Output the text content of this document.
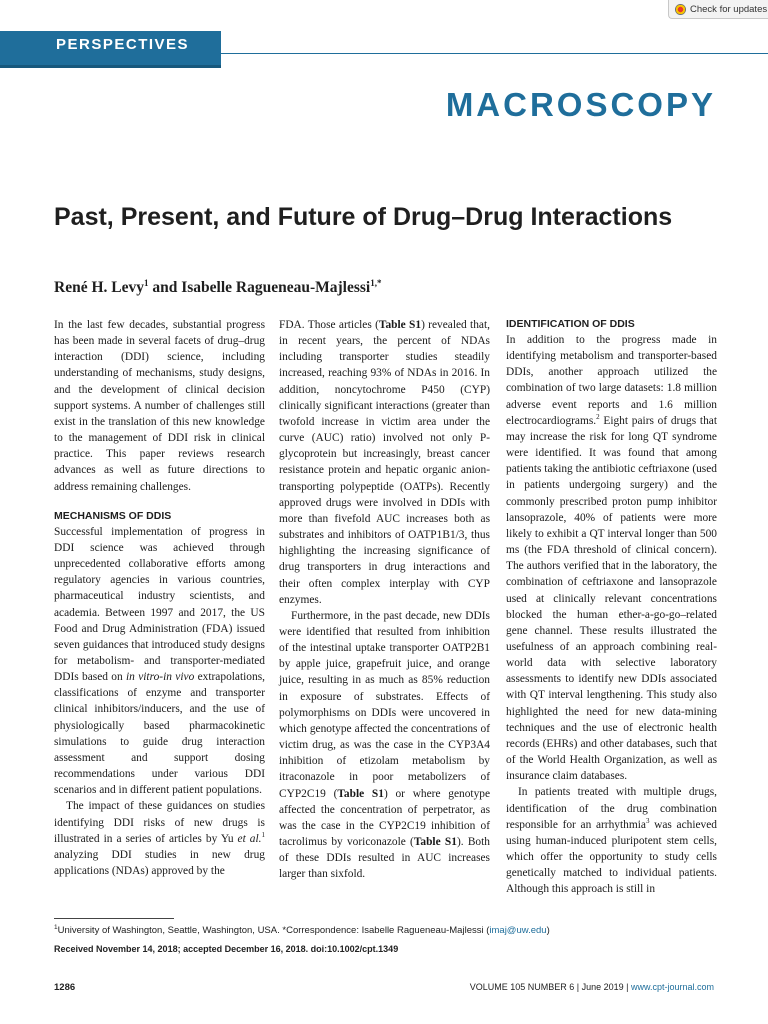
Check for updates
PERSPECTIVES
MACROSCOPY
Past, Present, and Future of Drug–Drug Interactions
René H. Levy$^1$ and Isabelle Ragueneau-Majlessi$^{1,*}$

In the last few decades, substantial progress has been made in several facets of drug–drug interaction (DDI) science, including understanding of mechanisms, study designs, and the development of clinical decision support systems. A number of challenges still exist in the translation of this new knowledge to the management of DDI risk in clinical practice. This paper reviews research advances as well as future directions to address remaining challenges.

MECHANISMS OF DDIS

Successful implementation of progress in DDI science was achieved through unprecedented collaborative efforts among regulatory agencies in various countries, pharmaceutical industry scientists, and academia. Between 1997 and 2017, the US Food and Drug Administration (FDA) issued seven guidances that introduced study designs for metabolism- and transporter-mediated DDIs based on in vitro-in vivo extrapolations, classifications of enzyme and transporter clinical inhibitors/inducers, and the use of physiologically based pharmacokinetic simulations to guide drug interaction assessment and support dosing recommendations under various DDI scenarios and in different patient populations.

The impact of these guidances on studies identifying DDI risks of new drugs is illustrated in a series of articles by Yu et al.$^1$ analyzing DDI studies in new drug applications (NDAs) approved by the

FDA. Those articles (Table S1) revealed that, in recent years, the percent of NDAs including transporter studies steadily increased, reaching 93% of NDAs in 2016. In addition, noncytochrome P450 (CYP) clinically significant interactions (greater than twofold increase in victim area under the curve (AUC) ratio) involved not only P-glycoprotein but increasingly, breast cancer resistance protein and hepatic organic anion-transporting polypeptide (OATPs). Recently approved drugs were involved in DDIs with more than fivefold AUC increases both as substrates and inhibitors of OATP1B1/3, thus highlighting the increasing significance of drug transporters in drug interactions and their often complex interplay with CYP enzymes.

Furthermore, in the past decade, new DDIs were identified that resulted from inhibition of the intestinal uptake transporter OATP2B1 by apple juice, grapefruit juice, and orange juice, resulting in as much as 85% reduction in exposure of substrates. Effects of polymorphisms on DDIs were uncovered in which genotype affected the concentrations of victim drug, as was the case in the CYP3A4 inhibition of etizolam metabolism by itraconazole in poor metabolizers of CYP2C19 (Table S1) or where genotype affected the concentration of perpetrator, as was the case in the CYP2C19 inhibition of tacrolimus by voriconazole (Table S1). Both of these DDIs resulted in AUC increases larger than sixfold.

IDENTIFICATION OF DDIS

In addition to the progress made in identifying metabolism and transporter-based DDIs, another approach utilized the combination of two large datasets: 1.8 million adverse event reports and 1.6 million electrocardiograms.$^2$ Eight pairs of drugs that may increase the risk for long QT syndrome were identified. It was found that among patients taking the antibiotic ceftriaxone (used in patients undergoing surgery) and the commonly prescribed proton pump inhibitor lansoprazole, 40% of patients were more likely to exhibit a QT interval longer than 500 ms (the FDA threshold of clinical concern). The authors verified that in the laboratory, the combination of ceftriaxone and lansoprazole used at clinically relevant concentrations blocked the human ether-a-go-go–related gene channel. These results illustrated the usefulness of an approach combining real-world data with selective laboratory assessments to identify new DDIs associated with QT interval lengthening. This study also highlighted the need for new data-mining techniques and the use of electronic health records (EHRs) and other databases, such that of the World Health Organization, as well as insurance claim databases.

In patients treated with multiple drugs, identification of the drug combination responsible for an arrhythmia$^3$ was achieved using human-induced pluripotent stem cells, which offer the opportunity to study cells genetically matched to individual patients. Although this approach is still in

$^1$University of Washington, Seattle, Washington, USA. *Correspondence: Isabelle Ragueneau-Majlessi (imaj@uw.edu)
Received November 14, 2018; accepted December 16, 2018. doi:10.1002/cpt.1349
1286	VOLUME 105 NUMBER 6 | June 2019 | www.cpt-journal.com
